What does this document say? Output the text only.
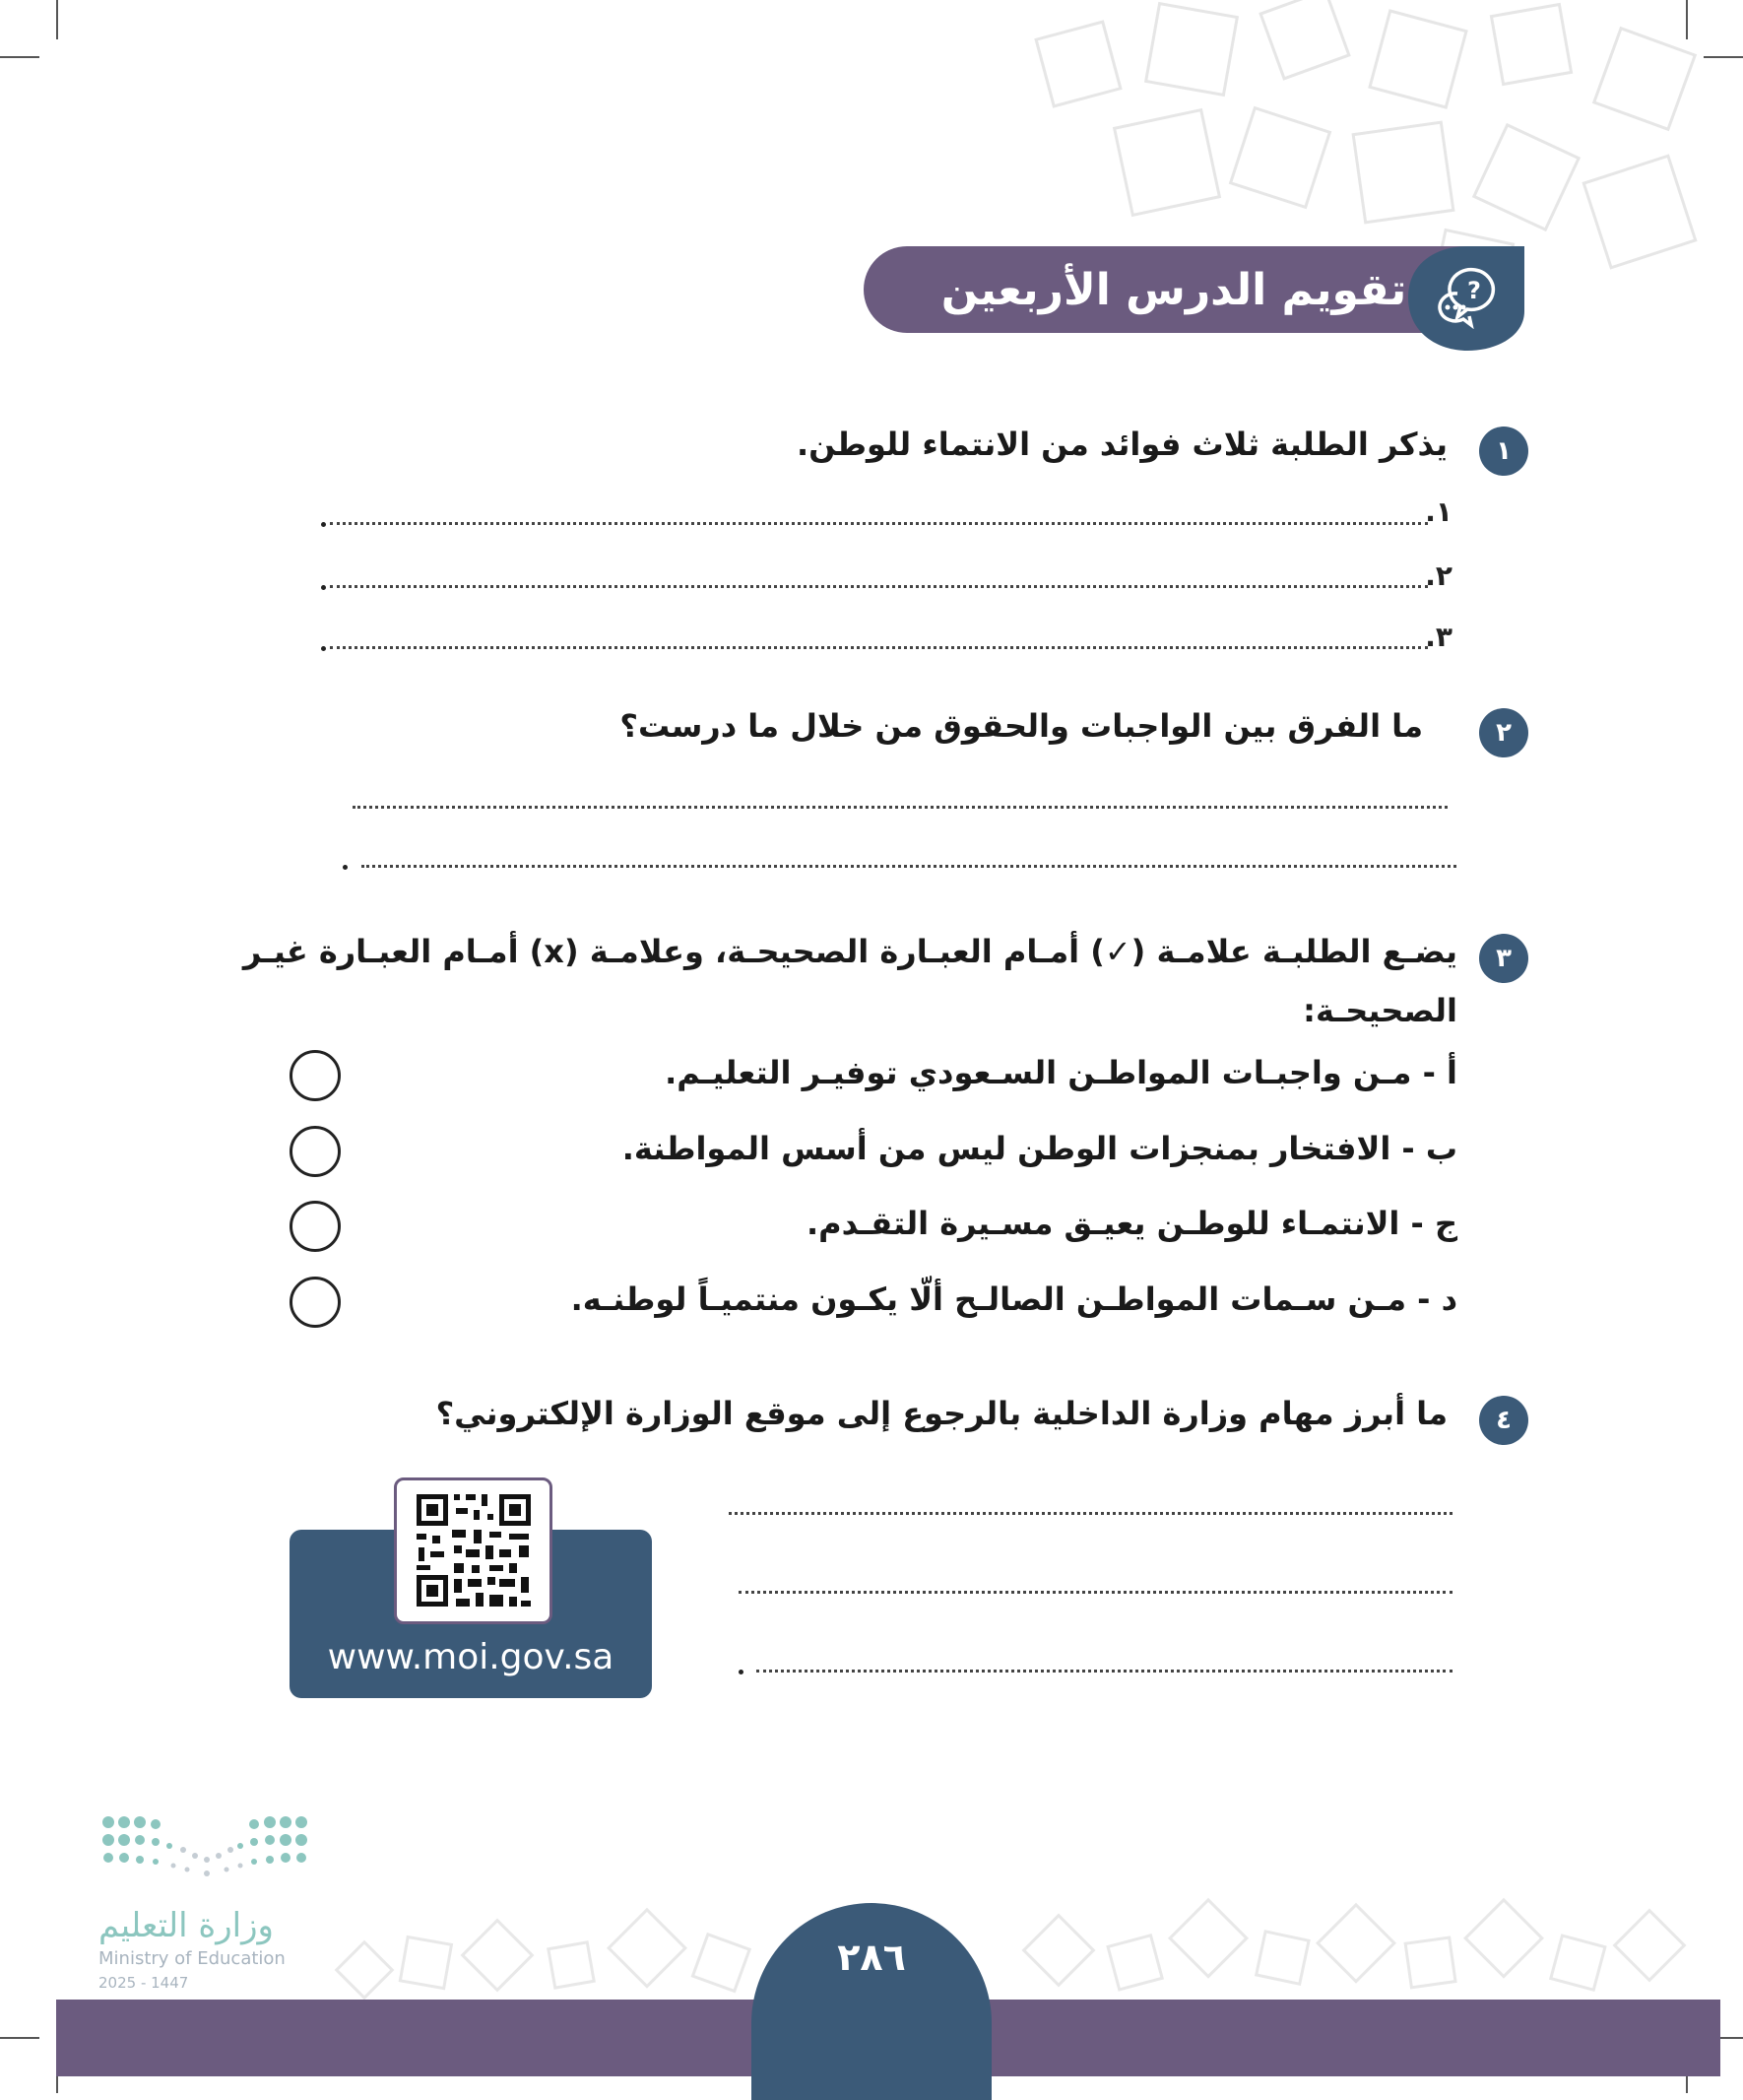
تقويم الدرس الأربعين	?
١
يذكر الطلبة ثلاث فوائد من الانتماء للوطن.
١.
٢.
٣.
٢
ما الفرق بين الواجبات والحقوق من خلال ما درست؟
٣
يضـع الطلبـة علامـة (✓) أمـام العبـارة الصحيحـة، وعلامـة (x) أمـام العبـارة غيـر
الصحيحـة:
أ - مـن واجبـات المواطـن السـعودي توفيـر التعليـم.
ب - الافتخار بمنجزات الوطن ليس من أسس المواطنة.
ج - الانتمـاء للوطـن يعيـق مسـيرة التقـدم.
د - مـن سـمات المواطـن الصالـح ألّا يكـون منتميـاً لوطنـه.
٤
ما أبرز مهام وزارة الداخلية بالرجوع إلى موقع الوزارة الإلكتروني؟
www.moi.gov.sa
٢٨٦
وزارة التعليم
Ministry of Education
2025 - 1447
